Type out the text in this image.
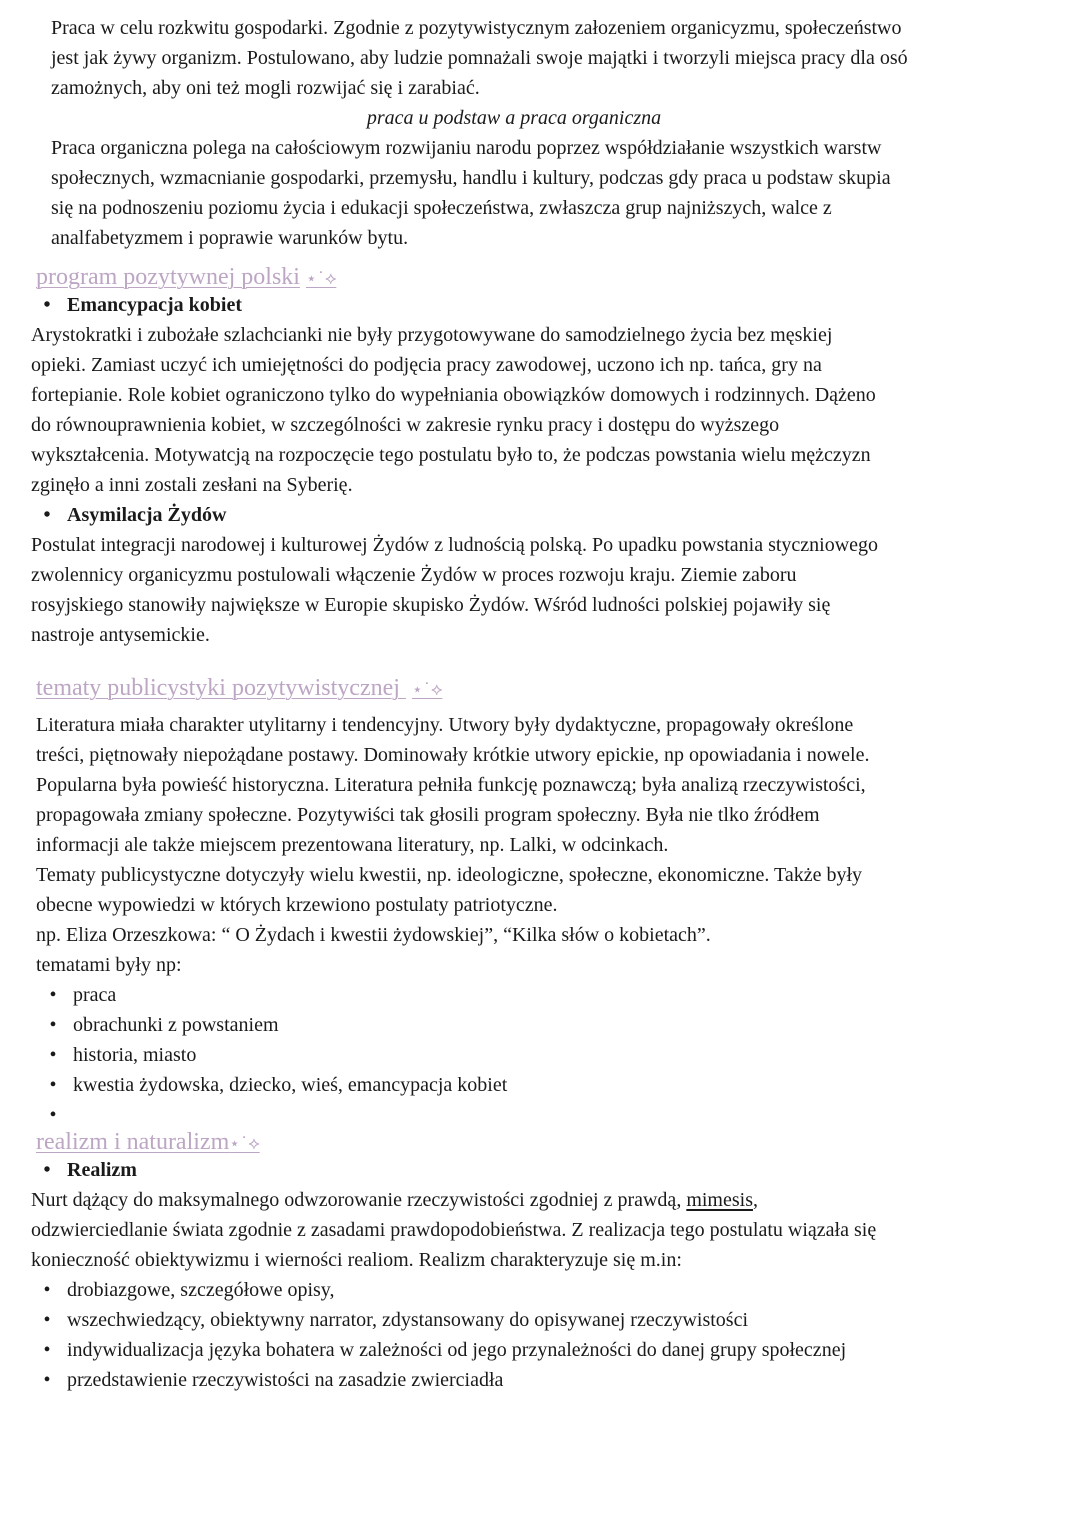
Praca w celu rozkwitu gospodarki. Zgodnie z pozytywistycznym załozeniem organicyzmu, społeczeństwo
jest jak żywy organizm. Postulowano, aby ludzie pomnażali swoje majątki i tworzyli miejsca pracy dla osó
zamożnych, aby oni też mogli rozwijać się i zarabiać.
praca u podstaw a praca organiczna
Praca organiczna polega na całościowym rozwijaniu narodu poprzez współdziałanie wszystkich warstw
społecznych, wzmacnianie gospodarki, przemysłu, handlu i kultury, podczas gdy praca u podstaw skupia
się na podnoszeniu poziomu życia i edukacji społeczeństwa, zwłaszcza grup najniższych, walce z
analfabetyzmem i poprawie warunków bytu.
program pozytywnej polski ⋆˙⟡
• Emancypacja kobiet
Arystokratki i zubożałe szlachcianki nie były przygotowywane do samodzielnego życia bez męskiej
opieki. Zamiast uczyć ich umiejętności do podjęcia pracy zawodowej, uczono ich np. tańca, gry na
fortepianie. Role kobiet ograniczono tylko do wypełniania obowiązków domowych i rodzinnych. Dążeno
do równouprawnienia kobiet, w szczególności w zakresie rynku pracy i dostępu do wyższego
wykształcenia. Motywatcją na rozpoczęcie tego postulatu było to, że podczas powstania wielu mężczyzn
zginęło a inni zostali zesłani na Syberię.
• Asymilacja Żydów
Postulat integracji narodowej i kulturowej Żydów z ludnością polską. Po upadku powstania styczniowego
zwolennicy organicyzmu postulowali włączenie Żydów w proces rozwoju kraju. Ziemie zaboru
rosyjskiego stanowiły największe w Europie skupisko Żydów. Wśród ludności polskiej pojawiły się
nastroje antysemickie.
tematy publicystyki pozytywistycznej ⋆˙⟡
Literatura miała charakter utylitarny i tendencyjny. Utwory były dydaktyczne, propagowały określone
treści, piętnowały niepożądane postawy. Dominowały krótkie utwory epickie, np opowiadania i nowele.
Popularna była powieść historyczna. Literatura pełniła funkcję poznawczą; była analizą rzeczywistości,
propagowała zmiany społeczne. Pozytywiści tak głosili program społeczny. Była nie tlko źródłem
informacji ale także miejscem prezentowana literatury, np. Lalki, w odcinkach.
Tematy publicystyczne dotyczyły wielu kwestii, np. ideologiczne, społeczne, ekonomiczne. Także były
obecne wypowiedzi w których krzewiono postulaty patriotyczne.
np. Eliza Orzeszkowa: “ O Żydach i kwestii żydowskiej”, “Kilka słów o kobietach”.
tematami były np:
• praca
• obrachunki z powstaniem
• historia, miasto
• kwestia żydowska, dziecko, wieś, emancypacja kobiet
•
realizm i naturalizm⋆˙⟡
• Realizm
Nurt dążący do maksymalnego odwzorowanie rzeczywistości zgodniej z prawdą, mimesis,
odzwierciedlanie świata zgodnie z zasadami prawdopodobieństwa. Z realizacja tego postulatu wiązała się
konieczność obiektywizmu i wierności realiom. Realizm charakteryzuje się m.in:
• drobiazgowe, szczegółowe opisy,
• wszechwiedzący, obiektywny narrator, zdystansowany do opisywanej rzeczywistości
• indywidualizacja języka bohatera w zależności od jego przynależności do danej grupy społecznej
• przedstawienie rzeczywistości na zasadzie zwierciadła
